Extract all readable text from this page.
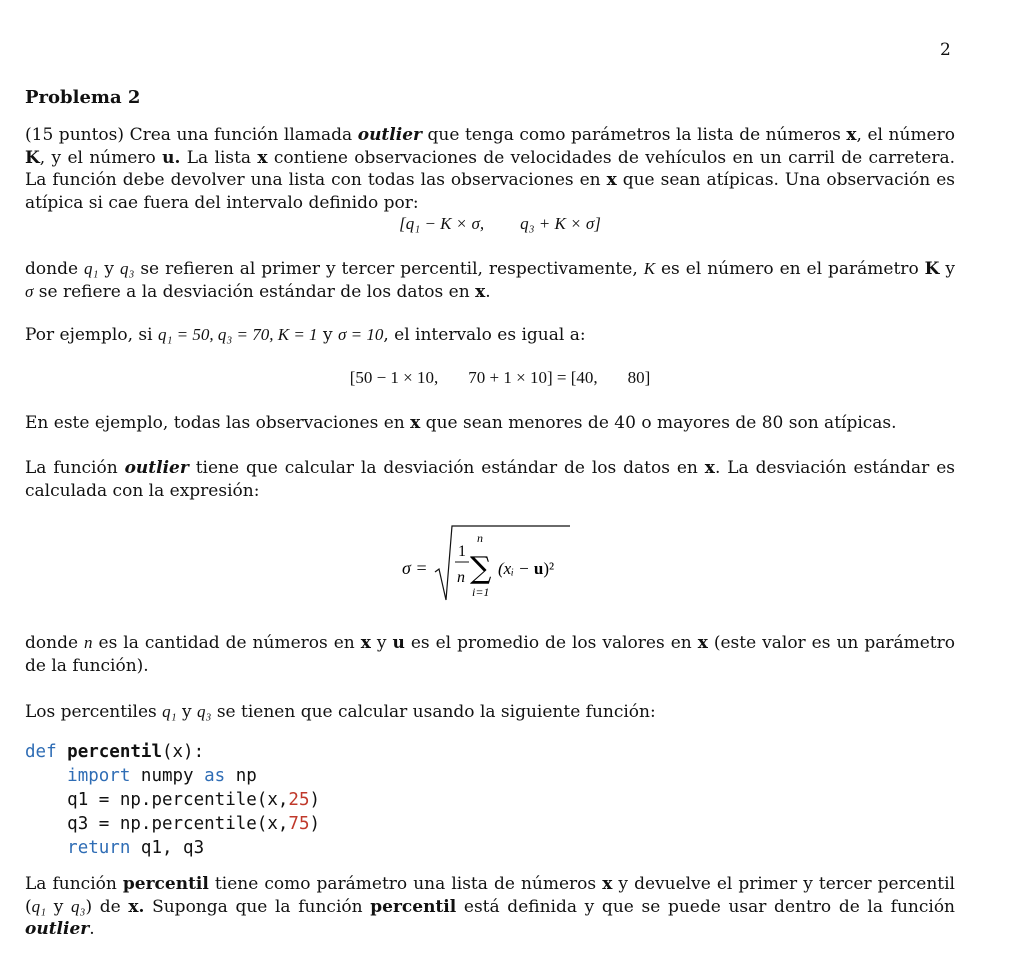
2
Problema 2
(15 puntos) Crea una función llamada outlier que tenga como parámetros la lista de números x, el número K, y el número u. La lista x contiene observaciones de velocidades de vehículos en un carril de carretera. La función debe devolver una lista con todas las observaciones en x que sean atípicas. Una observación es atípica si cae fuera del intervalo definido por:
[q₁ − K × σ, q₃ + K × σ]
donde q₁ y q₃ se refieren al primer y tercer percentil, respectivamente, K es el número en el parámetro K y σ se refiere a la desviación estándar de los datos en x.
Por ejemplo, si q₁ = 50, q₃ = 70, K = 1 y σ = 10, el intervalo es igual a:
[50 − 1 × 10, 70 + 1 × 10] = [40, 80]
En este ejemplo, todas las observaciones en x que sean menores de 40 o mayores de 80 son atípicas.
La función outlier tiene que calcular la desviación estándar de los datos en x. La desviación estándar es calculada con la expresión:
σ =
1
n
n
∑
i=1
(xᵢ − u)²
donde n es la cantidad de números en x y u es el promedio de los valores en x (este valor es un parámetro de la función).
Los percentiles q₁ y q₃ se tienen que calcular usando la siguiente función:
def percentil(x):
import numpy as np
q1 = np.percentile(x,25)
q3 = np.percentile(x,75)
return q1, q3
La función percentil tiene como parámetro una lista de números x y devuelve el primer y tercer percentil (q₁ y q₃) de x. Suponga que la función percentil está definida y que se puede usar dentro de la función outlier.
